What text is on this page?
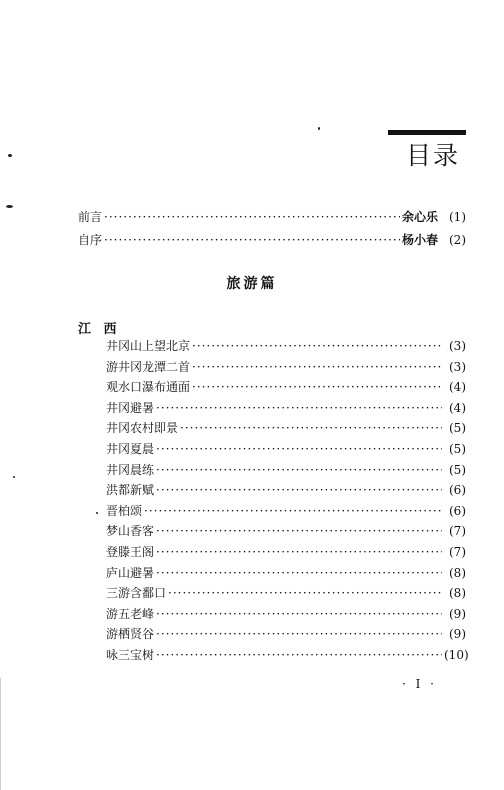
目录
前言 ·····	余心乐 (1)
自序 ·····	杨小春 (2)
旅游篇
江 西
井冈山上望北京 ·····	(3)
游井冈龙潭二首 ·····	(3)
观水口瀑布通面 ·····	(4)
井冈避暑 ·····	(4)
井冈农村即景 ·····	(5)
井冈夏晨 ·····	(5)
井冈晨练 ·····	(5)
洪都新赋 ·····	(6)
晋柏颂 ·····	(6)
梦山香客 ·····	(7)
登滕王阁 ·····	(7)
庐山避暑 ·····	(8)
三游含鄱口 ·····	(8)
游五老峰 ·····	(9)
游栖贤谷 ·····	(9)
咏三宝树 ·····	(10)
· I ·
